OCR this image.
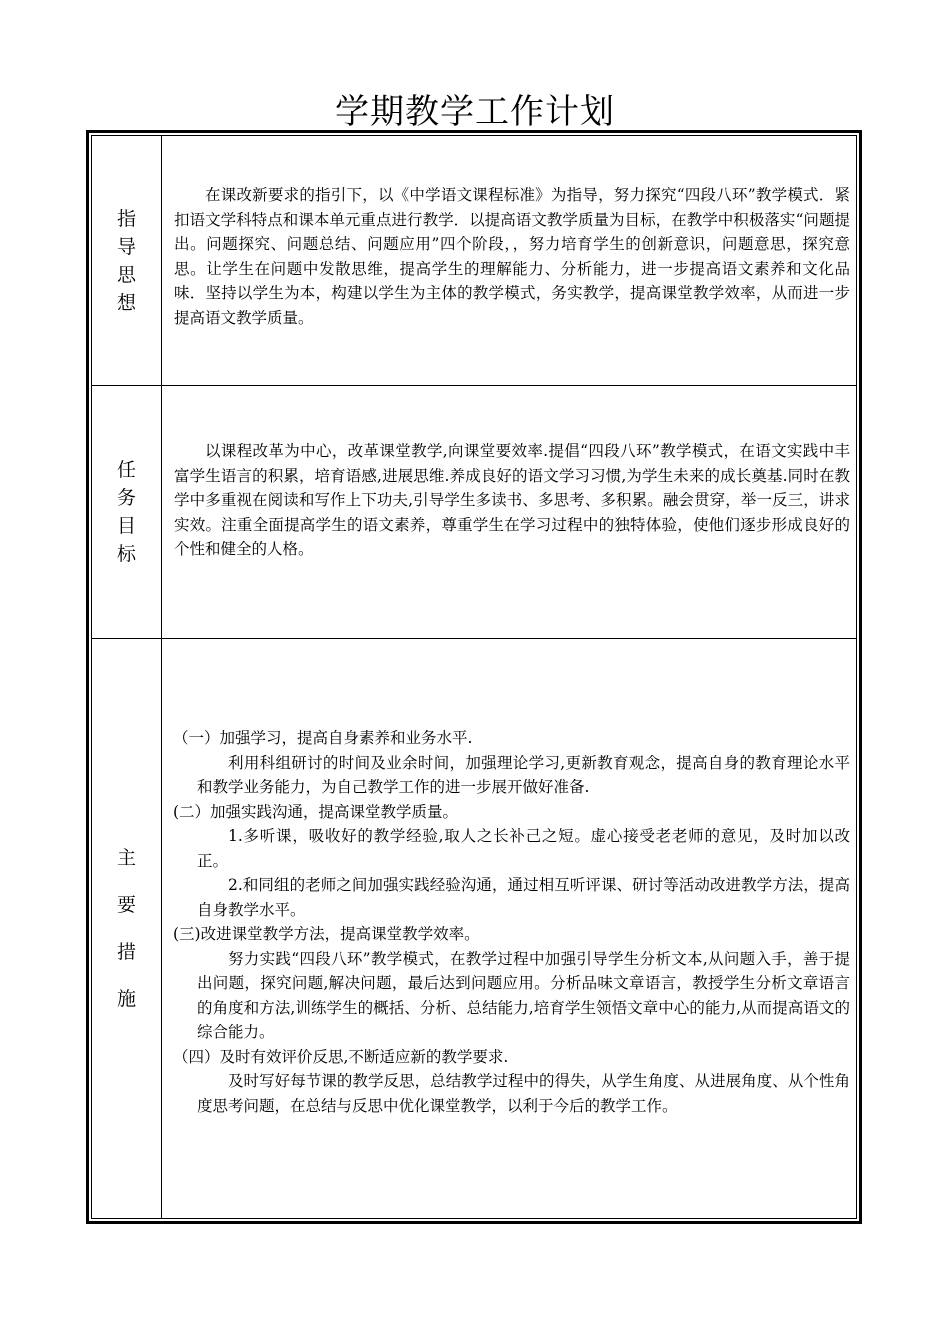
学期教学工作计划
指导思想

在课改新要求的指引下，以《中学语文课程标准》为指导，努力探究“四段八环”教学模式．紧扣语文学科特点和课本单元重点进行教学．以提高语文教学质量为目标，在教学中积极落实“问题提出。问题探究、问题总结、问题应用”四个阶段，，努力培育学生的创新意识，问题意思，探究意思。让学生在问题中发散思维，提高学生的理解能力、分析能力，进一步提高语文素养和文化品味．坚持以学生为本，构建以学生为主体的教学模式，务实教学，提高课堂教学效率，从而进一步提高语文教学质量。

任务目标

以课程改革为中心，改革课堂教学,向课堂要效率.提倡“四段八环”教学模式，在语文实践中丰富学生语言的积累，培育语感,进展思维.养成良好的语文学习习惯,为学生未来的成长奠基.同时在教学中多重视在阅读和写作上下功夫,引导学生多读书、多思考、多积累。融会贯穿，举一反三，讲求实效。注重全面提高学生的语文素养，尊重学生在学习过程中的独特体验，使他们逐步形成良好的个性和健全的人格。

主要措施

（一）加强学习，提高自身素养和业务水平.

利用科组研讨的时间及业余时间，加强理论学习,更新教育观念，提高自身的教育理论水平和教学业务能力，为自己教学工作的进一步展开做好准备.

(二）加强实践沟通，提高课堂教学质量。

1.多听课，吸收好的教学经验,取人之长补己之短。虚心接受老老师的意见，及时加以改正。

2.和同组的老师之间加强实践经验沟通，通过相互听评课、研讨等活动改进教学方法，提高自身教学水平。

(三)改进课堂教学方法，提高课堂教学效率。

努力实践“四段八环”教学模式，在教学过程中加强引导学生分析文本,从问题入手，善于提出问题，探究问题,解决问题，最后达到问题应用。分析品味文章语言，教授学生分析文章语言的角度和方法,训练学生的概括、分析、总结能力,培育学生领悟文章中心的能力,从而提高语文的综合能力。

（四）及时有效评价反思,不断适应新的教学要求.

及时写好每节课的教学反思，总结教学过程中的得失，从学生角度、从进展角度、从个性角度思考问题，在总结与反思中优化课堂教学，以利于今后的教学工作。
